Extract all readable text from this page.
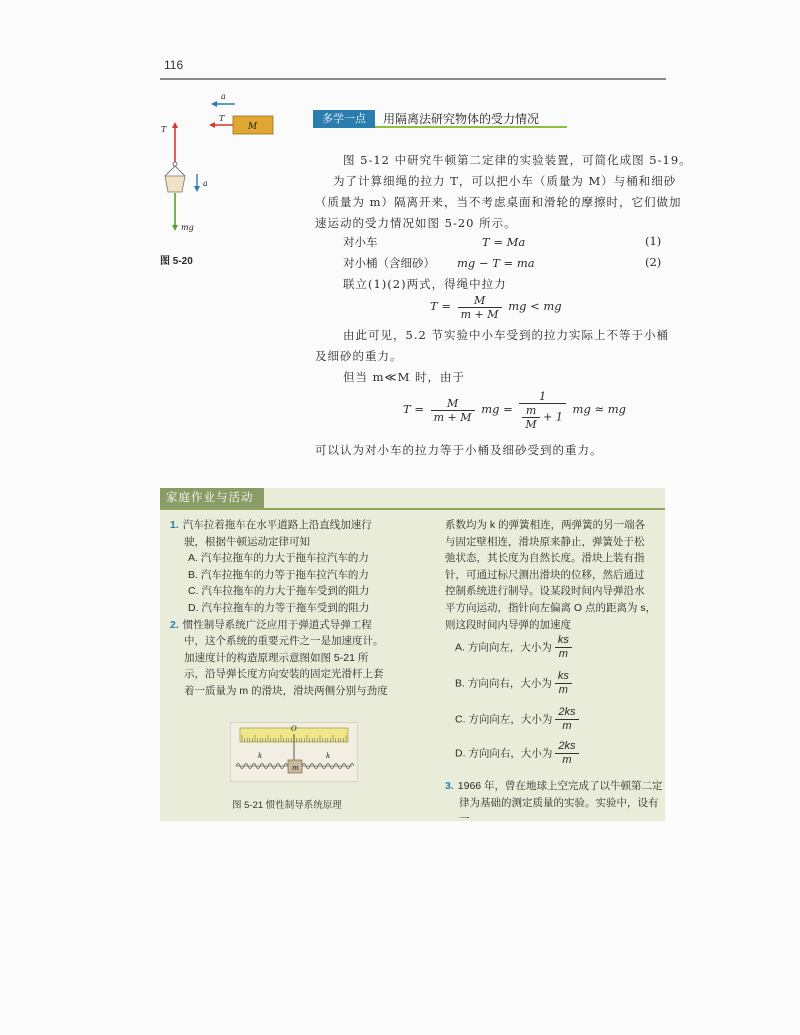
116
M
a
T
T
a
mg
图 5-20
多学一点	用隔离法研究物体的受力情况
图 5-12 中研究牛顿第二定律的实验装置，可简化成图 5-19。
为了计算细绳的拉力 T，可以把小车（质量为 M）与桶和细砂
（质量为 m）隔离开来，当不考虑桌面和滑轮的摩擦时，它们做加
速运动的受力情况如图 5-20 所示。
对小车	T = Ma	(1)
对小桶（含细砂） mg − T = ma	(2)
联立(1)(2)两式，得绳中拉力
$T = \frac{M}{m + M}$ mg < mg
由此可见，5.2 节实验中小车受到的拉力实际上不等于小桶
及细砂的重力。
但当 m≪M 时，由于
$T = \frac{M}{m + M}$ mg = $\frac{1}{\frac{m}{M} + 1}$ mg ≈ mg
可以认为对小车的拉力等于小桶及细砂受到的重力。
家庭作业与活动
1. 汽车拉着拖车在水平道路上沿直线加速行
驶，根据牛顿运动定律可知
A. 汽车拉拖车的力大于拖车拉汽车的力
B. 汽车拉拖车的力等于拖车拉汽车的力
C. 汽车拉拖车的力大于拖车受到的阻力
D. 汽车拉拖车的力等于拖车受到的阻力
2. 惯性制导系统广泛应用于弹道式导弹工程
中，这个系统的重要元件之一是加速度计。
加速度计的构造原理示意图如图 5-21 所
示，沿导弹长度方向安装的固定光滑杆上套
着一质量为 m 的滑块，滑块两侧分别与劲度
O
k	k
m
图 5-21 惯性制导系统原理
系数均为 k 的弹簧相连，两弹簧的另一端各
与固定壁相连，滑块原来静止，弹簧处于松
弛状态，其长度为自然长度。滑块上装有指
针，可通过标尺测出滑块的位移，然后通过
控制系统进行制导。设某段时间内导弹沿水
平方向运动，指针向左偏离 O 点的距离为 s，
则这段时间内导弹的加速度
A. 方向向左，大小为 $\frac{ks}{m}$
B. 方向向右，大小为 $\frac{ks}{m}$
C. 方向向左，大小为 $\frac{2ks}{m}$
D. 方向向右，大小为 $\frac{2ks}{m}$
3. 1966 年，曾在地球上空完成了以牛顿第二定
律为基础的测定质量的实验。实验中，设有一
